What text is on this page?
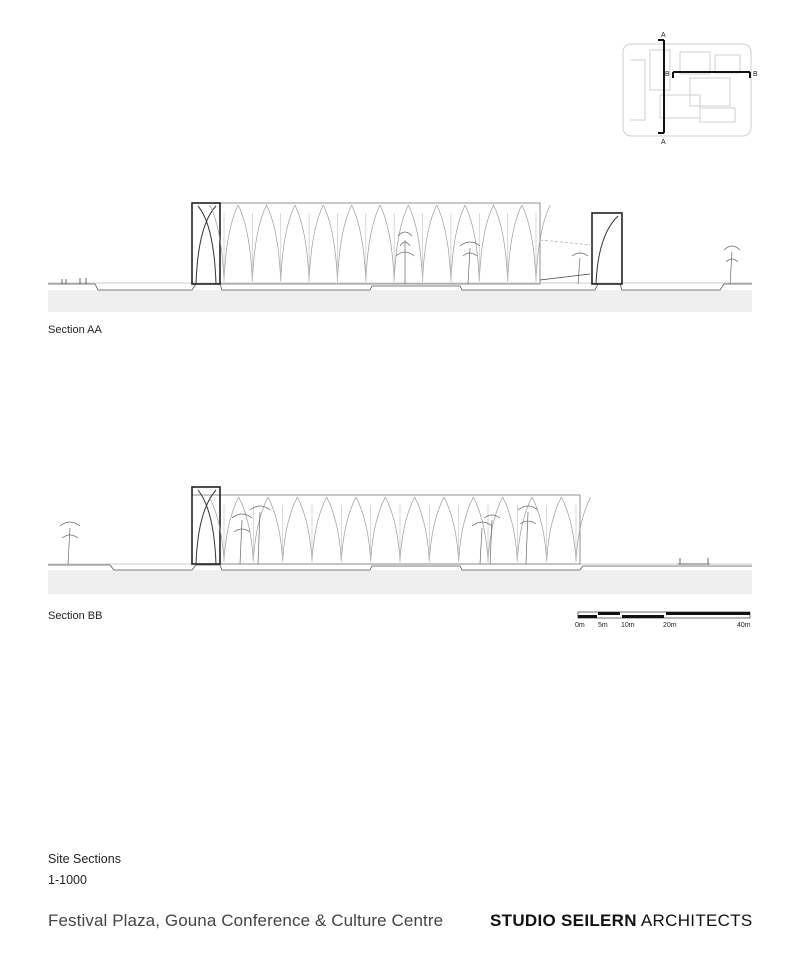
A
A
B	B
Section AA
Section BB
0m 5m 10m	20m	40m
Site Sections
1-1000
Festival Plaza, Gouna Conference & Culture Centre	STUDIO SEILERN ARCHITECTS
